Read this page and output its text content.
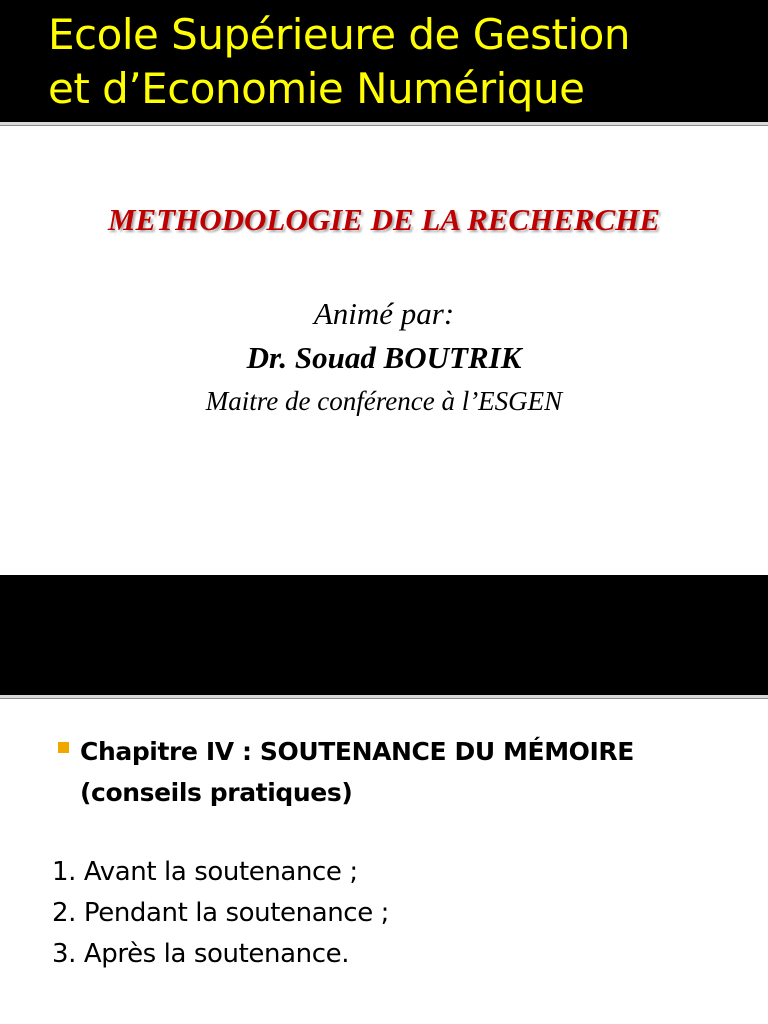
Ecole Supérieure de Gestion
et d’Economie Numérique
METHODOLOGIE DE LA RECHERCHE
Animé par:
Dr. Souad BOUTRIK
Maitre de conférence à l’ESGEN

Chapitre IV : SOUTENANCE DU MÉMOIRE
(conseils pratiques)

1. Avant la soutenance ;
2. Pendant la soutenance ;
3. Après la soutenance.
